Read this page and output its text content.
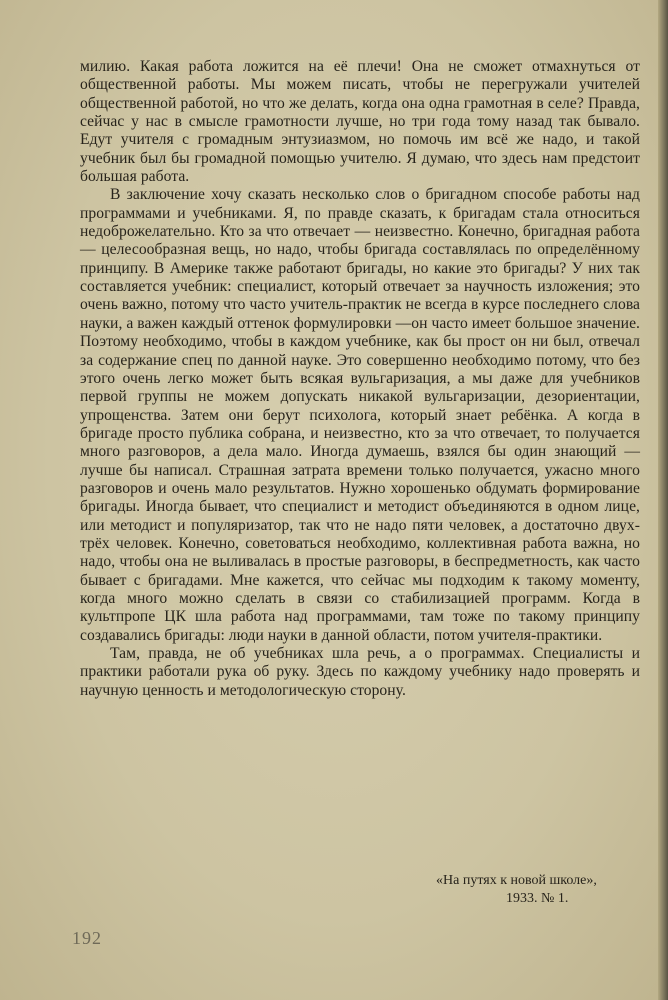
милию. Какая работа ложится на её плечи! Она не сможет отмахнуться от общественной работы. Мы можем писать, чтобы не перегружали учителей общественной работой, но что же делать, когда она одна грамотная в селе? Правда, сейчас у нас в смысле грамотности лучше, но три года тому назад так бывало. Едут учителя с громадным энтузиазмом, но помочь им всё же надо, и такой учебник был бы громадной помощью учителю. Я думаю, что здесь нам предстоит большая работа.

В заключение хочу сказать несколько слов о бригадном способе работы над программами и учебниками. Я, по правде сказать, к бригадам стала относиться недоброжелательно. Кто за что отвечает — неизвестно. Конечно, бригадная работа — целесообразная вещь, но надо, чтобы бригада составлялась по определённому принципу. В Америке также работают бригады, но какие это бригады? У них так составляется учебник: специалист, который отвечает за научность изложения; это очень важно, потому что часто учитель-практик не всегда в курсе последнего слова науки, а важен каждый оттенок формулировки —он часто имеет большое значение. Поэтому необходимо, чтобы в каждом учебнике, как бы прост он ни был, отвечал за содержание спец по данной науке. Это совершенно необходимо потому, что без этого очень легко может быть всякая вульгаризация, а мы даже для учебников первой группы не можем допускать никакой вульгаризации, дезориентации, упрощенства. Затем они берут психолога, который знает ребёнка. А когда в бригаде просто публика собрана, и неизвестно, кто за что отвечает, то получается много разговоров, а дела мало. Иногда думаешь, взялся бы один знающий — лучше бы написал. Страшная затрата времени только получается, ужасно много разговоров и очень мало результатов. Нужно хорошенько обдумать формирование бригады. Иногда бывает, что специалист и методист объединяются в одном лице, или методист и популяризатор, так что не надо пяти человек, а достаточно двух-трёх человек. Конечно, советоваться необходимо, коллективная работа важна, но надо, чтобы она не выливалась в простые разговоры, в беспредметность, как часто бывает с бригадами. Мне кажется, что сейчас мы подходим к такому моменту, когда много можно сделать в связи со стабилизацией программ. Когда в культпропе ЦК шла работа над программами, там тоже по такому принципу создавались бригады: люди науки в данной области, потом учителя-практики.

Там, правда, не об учебниках шла речь, а о программах. Специалисты и практики работали рука об руку. Здесь по каждому учебнику надо проверять и научную ценность и методологическую сторону.

«На путях к новой школе»,
1933. № 1.
192
